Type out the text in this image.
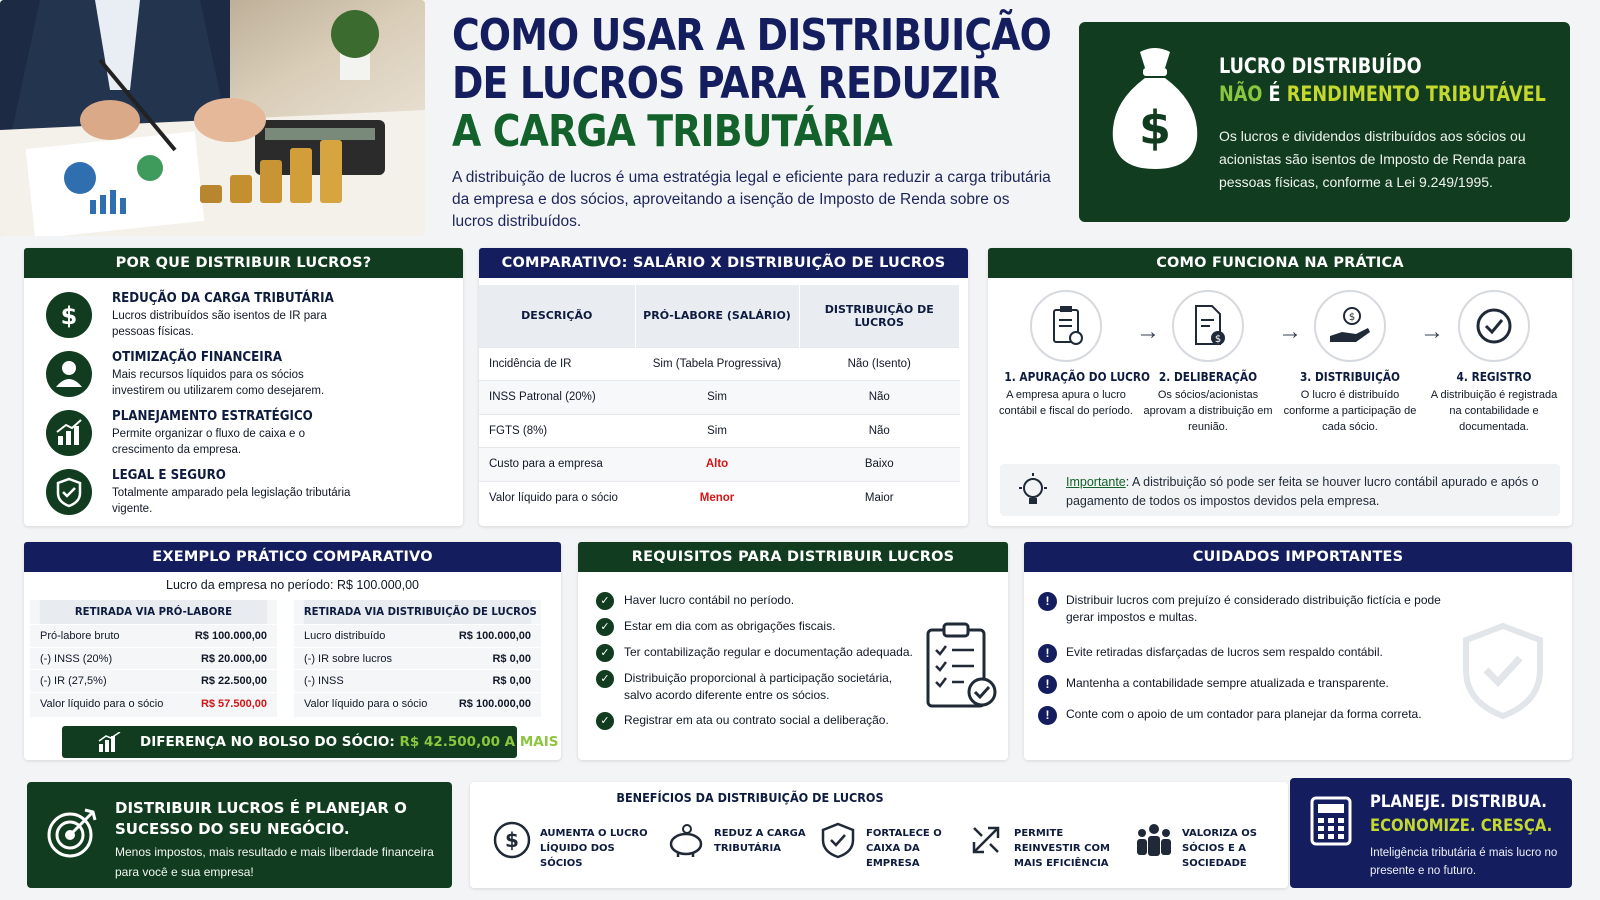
COMO USAR A DISTRIBUIÇÃO
DE LUCROS PARA REDUZIR
A CARGA TRIBUTÁRIA
A distribuição de lucros é uma estratégia legal e eficiente para reduzir a carga tributária da empresa e dos sócios, aproveitando a isenção de Imposto de Renda sobre os lucros distribuídos.
$
LUCRO DISTRIBUÍDO
NÃO É RENDIMENTO TRIBUTÁVEL
Os lucros e dividendos distribuídos aos sócios ou acionistas são isentos de Imposto de Renda para pessoas físicas, conforme a Lei 9.249/1995.
POR QUE DISTRIBUIR LUCROS?
$
REDUÇÃO DA CARGA TRIBUTÁRIA
Lucros distribuídos são isentos de IR para pessoas físicas.
OTIMIZAÇÃO FINANCEIRA
Mais recursos líquidos para os sócios investirem ou utilizarem como desejarem.
PLANEJAMENTO ESTRATÉGICO
Permite organizar o fluxo de caixa e o crescimento da empresa.
LEGAL E SEGURO
Totalmente amparado pela legislação tributária vigente.
COMPARATIVO: SALÁRIO X DISTRIBUIÇÃO DE LUCROS
DESCRIÇÃO	PRÓ-LABORE (SALÁRIO)	DISTRIBUIÇÃO DE LUCROS
Incidência de IR	Sim (Tabela Progressiva)	Não (Isento)
INSS Patronal (20%)	Sim	Não
FGTS (8%)	Sim	Não
Custo para a empresa	Alto	Baixo
Valor líquido para o sócio	Menor	Maior
COMO FUNCIONA NA PRÁTICA
1. APURAÇÃO DO LUCRO
A empresa apura o lucro contábil e fiscal do período.
→	$
2. DELIBERAÇÃO
Os sócios/acionistas aprovam a distribuição em reunião.
→
$
3. DISTRIBUIÇÃO
O lucro é distribuído conforme a participação de cada sócio.
→
4. REGISTRO
A distribuição é registrada na contabilidade e documentada.
Importante: A distribuição só pode ser feita se houver lucro contábil apurado e após o pagamento de todos os impostos devidos pela empresa.
EXEMPLO PRÁTICO COMPARATIVO
Lucro da empresa no período: R$ 100.000,00
RETIRADA VIA PRÓ-LABORE
Pró-labore bruto	R$ 100.000,00
(-) INSS (20%)	R$ 20.000,00
(-) IR (27,5%)	R$ 22.500,00
Valor líquido para o sócio	R$ 57.500,00
RETIRADA VIA DISTRIBUIÇÃO DE LUCROS
Lucro distribuído	R$ 100.000,00
(-) IR sobre lucros	R$ 0,00
(-) INSS	R$ 0,00
Valor líquido para o sócio	R$ 100.000,00
DIFERENÇA NO BOLSO DO SÓCIO: R$ 42.500,00 A MAIS
REQUISITOS PARA DISTRIBUIR LUCROS
✓	Haver lucro contábil no período.
✓	Estar em dia com as obrigações fiscais.
✓	Ter contabilização regular e documentação adequada.
✓	Distribuição proporcional à participação societária, salvo acordo diferente entre os sócios.
✓	Registrar em ata ou contrato social a deliberação.
CUIDADOS IMPORTANTES
!	Distribuir lucros com prejuízo é considerado distribuição fictícia e pode gerar impostos e multas.
!	Evite retiradas disfarçadas de lucros sem respaldo contábil.
!	Mantenha a contabilidade sempre atualizada e transparente.
!	Conte com o apoio de um contador para planejar da forma correta.
DISTRIBUIR LUCROS É PLANEJAR O SUCESSO DO SEU NEGÓCIO.
Menos impostos, mais resultado e mais liberdade financeira para você e sua empresa!
BENEFÍCIOS DA DISTRIBUIÇÃO DE LUCROS
$ AUMENTA O LUCRO LÍQUIDO DOS SÓCIOS
REDUZ A CARGA TRIBUTÁRIA
FORTALECE O CAIXA DA EMPRESA
PERMITE REINVESTIR COM MAIS EFICIÊNCIA
VALORIZA OS SÓCIOS E A SOCIEDADE
PLANEJE. DISTRIBUA.
ECONOMIZE. CRESÇA.
Inteligência tributária é mais lucro no presente e no futuro.
